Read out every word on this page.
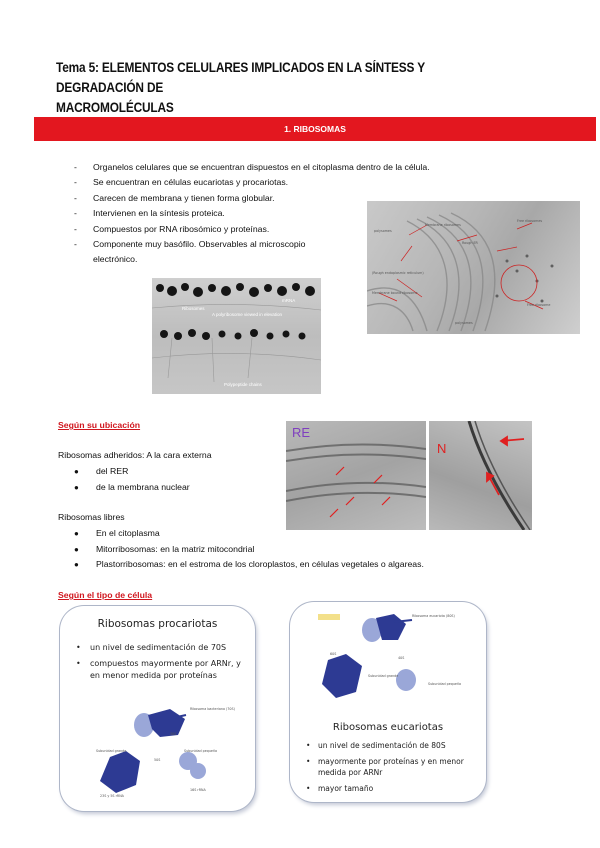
Tema 5: ELEMENTOS CELULARES IMPLICADOS EN LA SÍNTESS Y DEGRADACIÓN DE
MACROMOLÉCULAS
1. RIBOSOMAS
-	Organelos celulares que se encuentran dispuestos en el citoplasma dentro de la célula.
-	Se encuentran en células eucariotas y procariotas.
-	Carecen de membrana y tienen forma globular.
-	Intervienen en la síntesis proteica.
-	Compuestos por RNA ribosómico y proteínas.
-	Componente muy basófilo. Observables al microscopio electrónico.
Membrane ribosomes
polysomes
Free ribosomes
Rough ER
(Rough endoplasmic reticulum)
Membrane bound ribosome
Free ribosome
polysomes
mRNA
Ribosomes
A polyribosome viewed in elevation
Polypeptide chains
Según su ubicación
Ribosomas adheridos: A la cara externa
●	del RER
●	de la membrana nuclear
Ribosomas libres
●	En el citoplasma
●	Mitorribosomas: en la matriz mitocondrial
●	Plastorribosomas: en el estroma de los cloroplastos, en células vegetales o algareas.
RE
N
Según el tipo de célula
Ribosomas procariotas
•	un nivel de sedimentación de 70S
•	compuestos mayormente por ARNr, y en menor medida por proteínas
Ribosoma bacteriano (70S)
30S
50S
Subunidad grande	Subunidad pequeña
23S y 5S rRNA
16S rRNA
Ribosoma eucariota (80S)
60S
40S
Subunidad grande
Subunidad pequeña
Ribosomas eucariotas
•	un nivel de sedimentación de 80S
•	mayormente por proteínas y en menor medida por ARNr
•	mayor tamaño
